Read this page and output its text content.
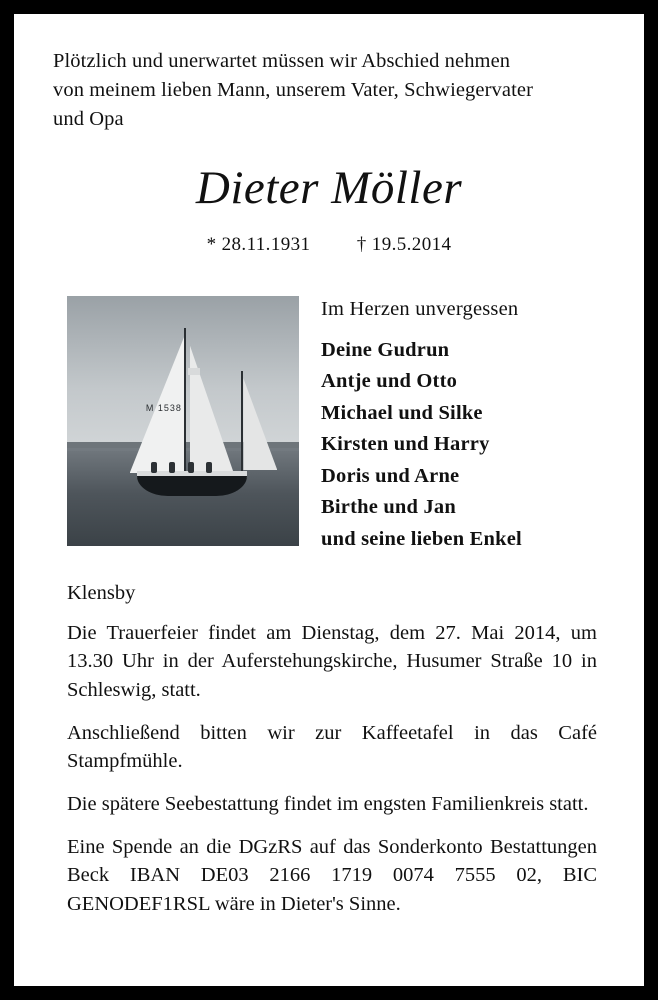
Plötzlich und unerwartet müssen wir Abschied nehmen
von meinem lieben Mann, unserem Vater, Schwiegervater
und Opa
Dieter Möller
* 28.11.1931 † 19.5.2014
M 1538
Im Herzen unvergessen
Deine Gudrun
Antje und Otto
Michael und Silke
Kirsten und Harry
Doris und Arne
Birthe und Jan
und seine lieben Enkel
Klensby
Die Trauerfeier findet am Dienstag, dem 27. Mai 2014, um 13.30 Uhr in der Auferstehungskirche, Husumer Straße 10 in Schleswig, statt.
Anschließend bitten wir zur Kaffeetafel in das Café Stampfmühle.
Die spätere Seebestattung findet im engsten Familienkreis statt.
Eine Spende an die DGzRS auf das Sonderkonto Bestattungen Beck IBAN DE03 2166 1719 0074 7555 02, BIC GENODEF1RSL wäre in Dieter's Sinne.
